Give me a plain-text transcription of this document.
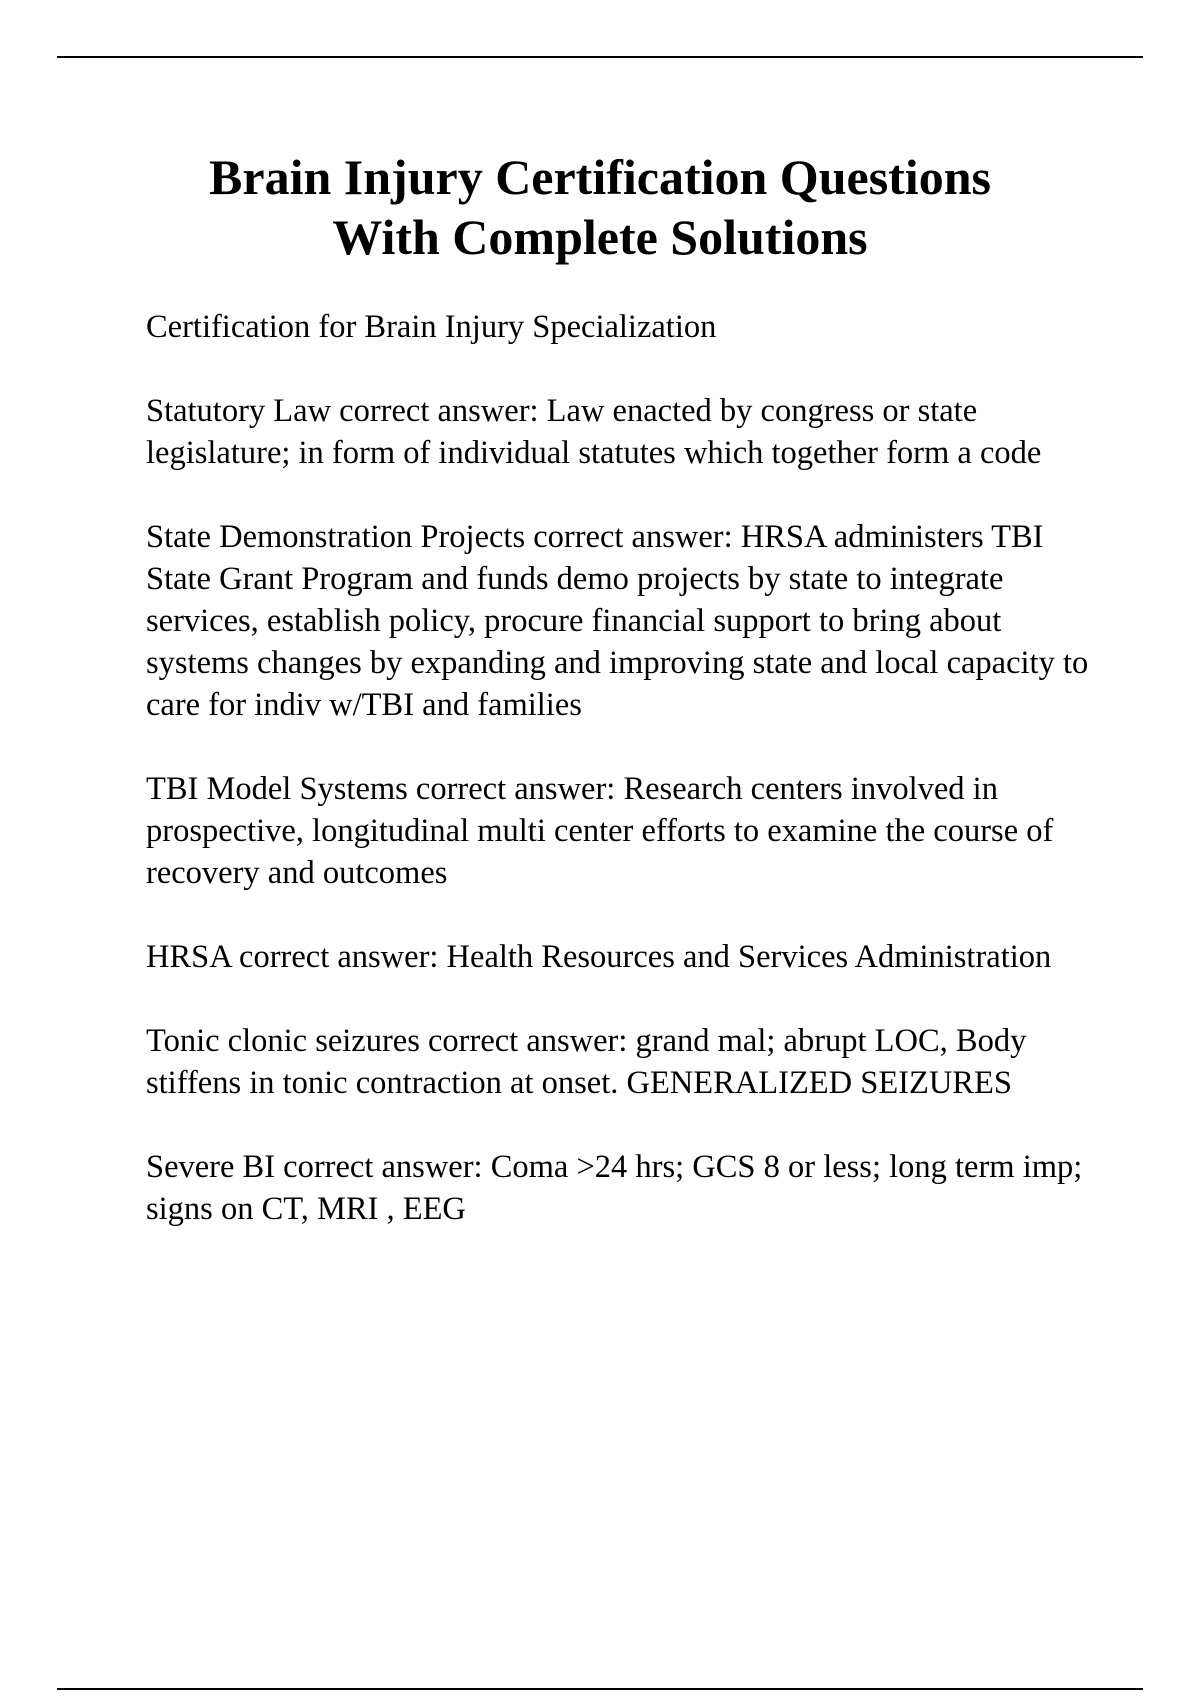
Brain Injury Certification Questions
With Complete Solutions

Certification for Brain Injury Specialization

Statutory Law correct answer: Law enacted by congress or state legislature; in form of individual statutes which together form a code

State Demonstration Projects correct answer: HRSA administers TBI State Grant Program and funds demo projects by state to integrate services, establish policy, procure financial support to bring about systems changes by expanding and improving state and local capacity to care for indiv w/TBI and families

TBI Model Systems correct answer: Research centers involved in prospective, longitudinal multi center efforts to examine the course of recovery and outcomes

HRSA correct answer: Health Resources and Services Administration

Tonic clonic seizures correct answer: grand mal; abrupt LOC, Body stiffens in tonic contraction at onset. GENERALIZED SEIZURES

Severe BI correct answer: Coma >24 hrs; GCS 8 or less; long term imp; signs on CT, MRI , EEG
